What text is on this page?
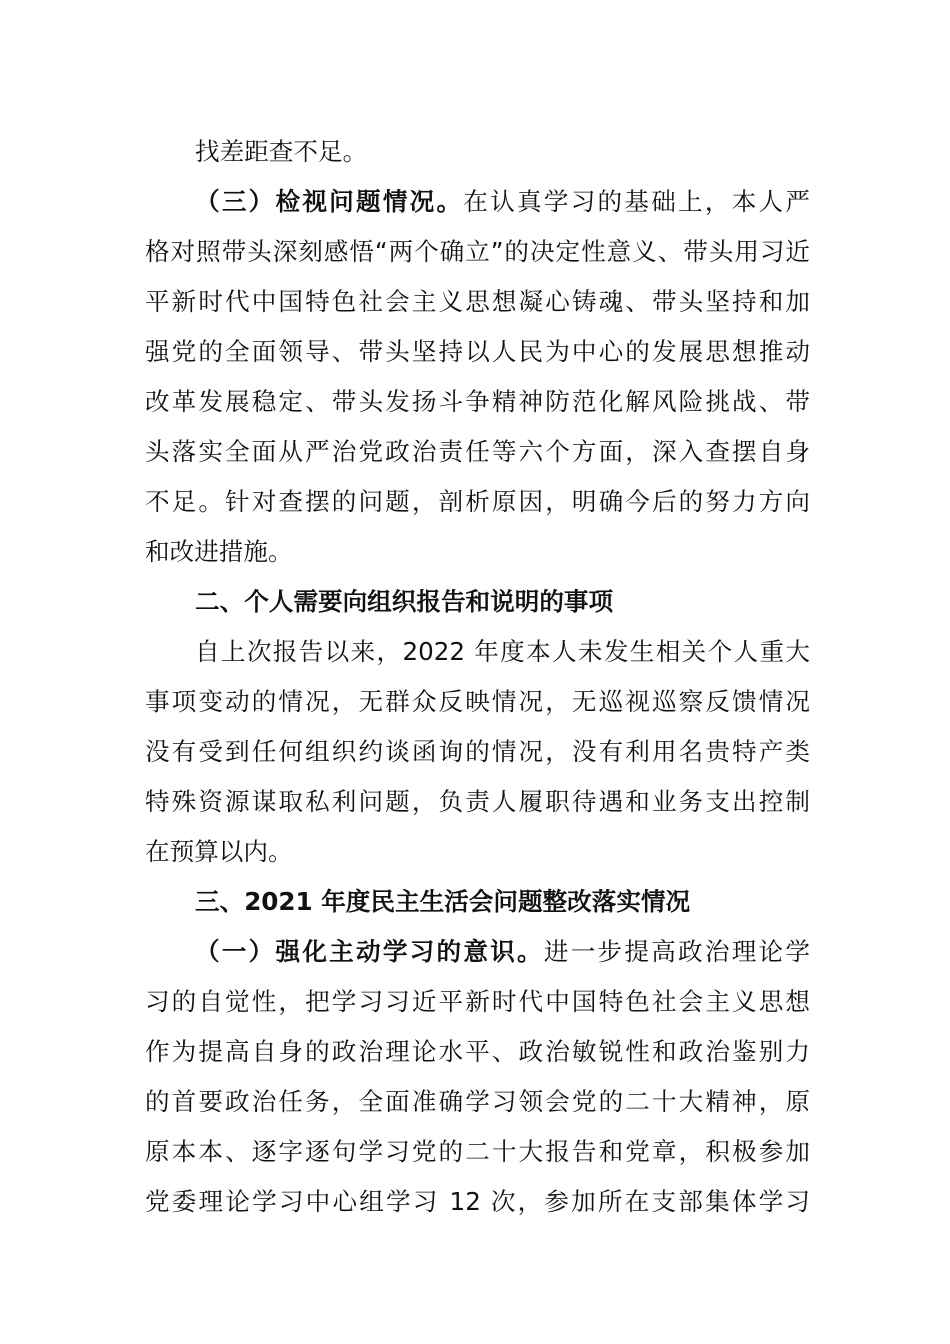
找差距查不足。
（三）检视问题情况。在认真学习的基础上，本人严
格对照带头深刻感悟“两个确立”的决定性意义、带头用习近
平新时代中国特色社会主义思想凝心铸魂、带头坚持和加
强党的全面领导、带头坚持以人民为中心的发展思想推动
改革发展稳定、带头发扬斗争精神防范化解风险挑战、带
头落实全面从严治党政治责任等六个方面，深入查摆自身
不足。针对查摆的问题，剖析原因，明确今后的努力方向
和改进措施。
二、个人需要向组织报告和说明的事项
自上次报告以来，2022 年度本人未发生相关个人重大
事项变动的情况，无群众反映情况，无巡视巡察反馈情况
没有受到任何组织约谈函询的情况，没有利用名贵特产类
特殊资源谋取私利问题，负责人履职待遇和业务支出控制
在预算以内。
三、2021 年度民主生活会问题整改落实情况
（一）强化主动学习的意识。进一步提高政治理论学
习的自觉性，把学习习近平新时代中国特色社会主义思想
作为提高自身的政治理论水平、政治敏锐性和政治鉴别力
的首要政治任务，全面准确学习领会党的二十大精神，原
原本本、逐字逐句学习党的二十大报告和党章，积极参加
党委理论学习中心组学习 12 次，参加所在支部集体学习
